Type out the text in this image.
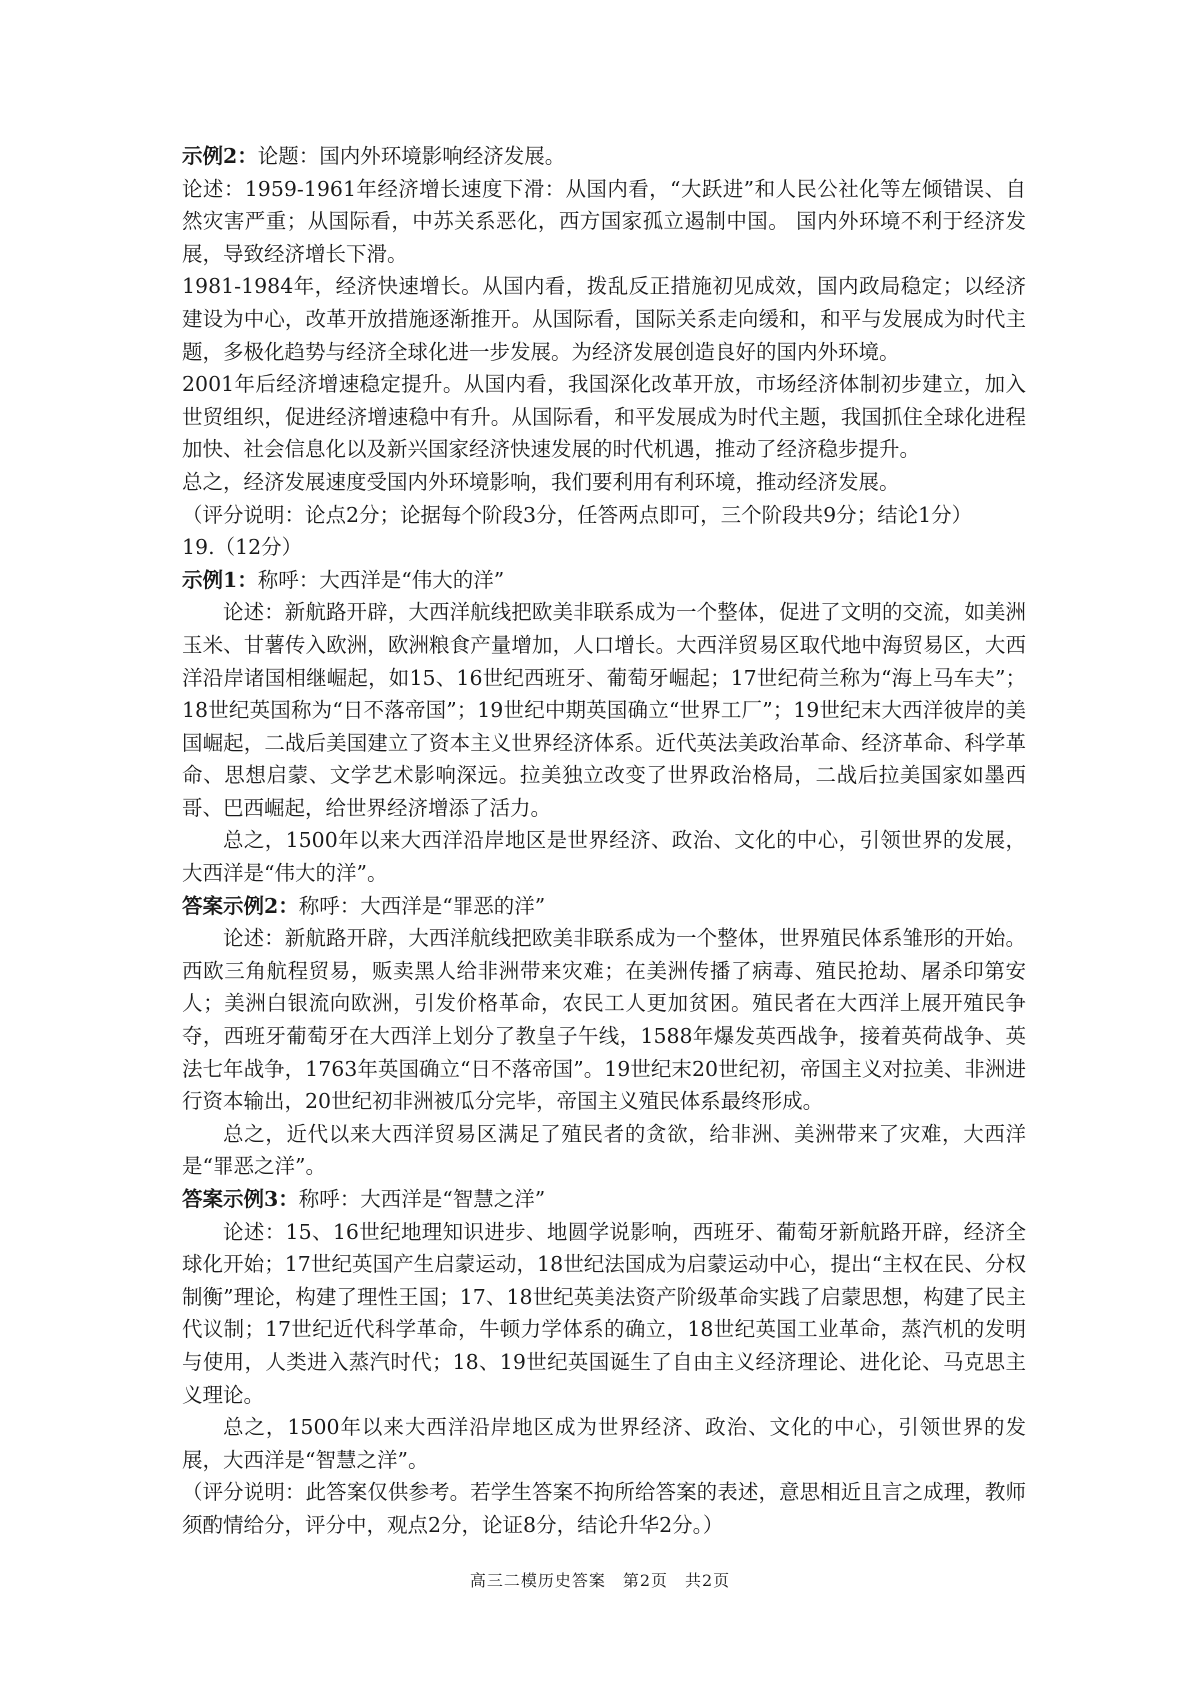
示例2：论题：国内外环境影响经济发展。

论述：1959-1961年经济增长速度下滑：从国内看，“大跃进”和人民公社化等左倾错误、自然灾害严重；从国际看，中苏关系恶化，西方国家孤立遏制中国。 国内外环境不利于经济发展，导致经济增长下滑。

1981-1984年，经济快速增长。从国内看，拨乱反正措施初见成效，国内政局稳定；以经济建设为中心，改革开放措施逐渐推开。从国际看，国际关系走向缓和，和平与发展成为时代主题，多极化趋势与经济全球化进一步发展。为经济发展创造良好的国内外环境。

2001年后经济增速稳定提升。从国内看，我国深化改革开放，市场经济体制初步建立，加入世贸组织，促进经济增速稳中有升。从国际看，和平发展成为时代主题，我国抓住全球化进程加快、社会信息化以及新兴国家经济快速发展的时代机遇，推动了经济稳步提升。

总之，经济发展速度受国内外环境影响，我们要利用有利环境，推动经济发展。

（评分说明：论点2分；论据每个阶段3分，任答两点即可，三个阶段共9分；结论1分）

19.（12分）

示例1：称呼：大西洋是“伟大的洋”

论述：新航路开辟，大西洋航线把欧美非联系成为一个整体，促进了文明的交流，如美洲玉米、甘薯传入欧洲，欧洲粮食产量增加，人口增长。大西洋贸易区取代地中海贸易区，大西洋沿岸诸国相继崛起，如15、16世纪西班牙、葡萄牙崛起；17世纪荷兰称为“海上马车夫”；18世纪英国称为“日不落帝国”；19世纪中期英国确立“世界工厂”；19世纪末大西洋彼岸的美国崛起，二战后美国建立了资本主义世界经济体系。近代英法美政治革命、经济革命、科学革命、思想启蒙、文学艺术影响深远。拉美独立改变了世界政治格局，二战后拉美国家如墨西哥、巴西崛起，给世界经济增添了活力。

总之，1500年以来大西洋沿岸地区是世界经济、政治、文化的中心，引领世界的发展，大西洋是“伟大的洋”。

答案示例2：称呼：大西洋是“罪恶的洋”

论述：新航路开辟，大西洋航线把欧美非联系成为一个整体，世界殖民体系雏形的开始。西欧三角航程贸易，贩卖黑人给非洲带来灾难；在美洲传播了病毒、殖民抢劫、屠杀印第安人；美洲白银流向欧洲，引发价格革命，农民工人更加贫困。殖民者在大西洋上展开殖民争夺，西班牙葡萄牙在大西洋上划分了教皇子午线，1588年爆发英西战争，接着英荷战争、英法七年战争，1763年英国确立“日不落帝国”。19世纪末20世纪初，帝国主义对拉美、非洲进行资本输出，20世纪初非洲被瓜分完毕，帝国主义殖民体系最终形成。

总之，近代以来大西洋贸易区满足了殖民者的贪欲，给非洲、美洲带来了灾难，大西洋是“罪恶之洋”。

答案示例3：称呼：大西洋是“智慧之洋”

论述：15、16世纪地理知识进步、地圆学说影响，西班牙、葡萄牙新航路开辟，经济全球化开始；17世纪英国产生启蒙运动，18世纪法国成为启蒙运动中心，提出“主权在民、分权制衡”理论，构建了理性王国；17、18世纪英美法资产阶级革命实践了启蒙思想，构建了民主代议制；17世纪近代科学革命，牛顿力学体系的确立，18世纪英国工业革命，蒸汽机的发明与使用，人类进入蒸汽时代；18、19世纪英国诞生了自由主义经济理论、进化论、马克思主义理论。

总之，1500年以来大西洋沿岸地区成为世界经济、政治、文化的中心，引领世界的发展，大西洋是“智慧之洋”。

（评分说明：此答案仅供参考。若学生答案不拘所给答案的表述，意思相近且言之成理，教师须酌情给分，评分中，观点2分，论证8分，结论升华2分。）

高三二模历史答案　第2页　共2页
